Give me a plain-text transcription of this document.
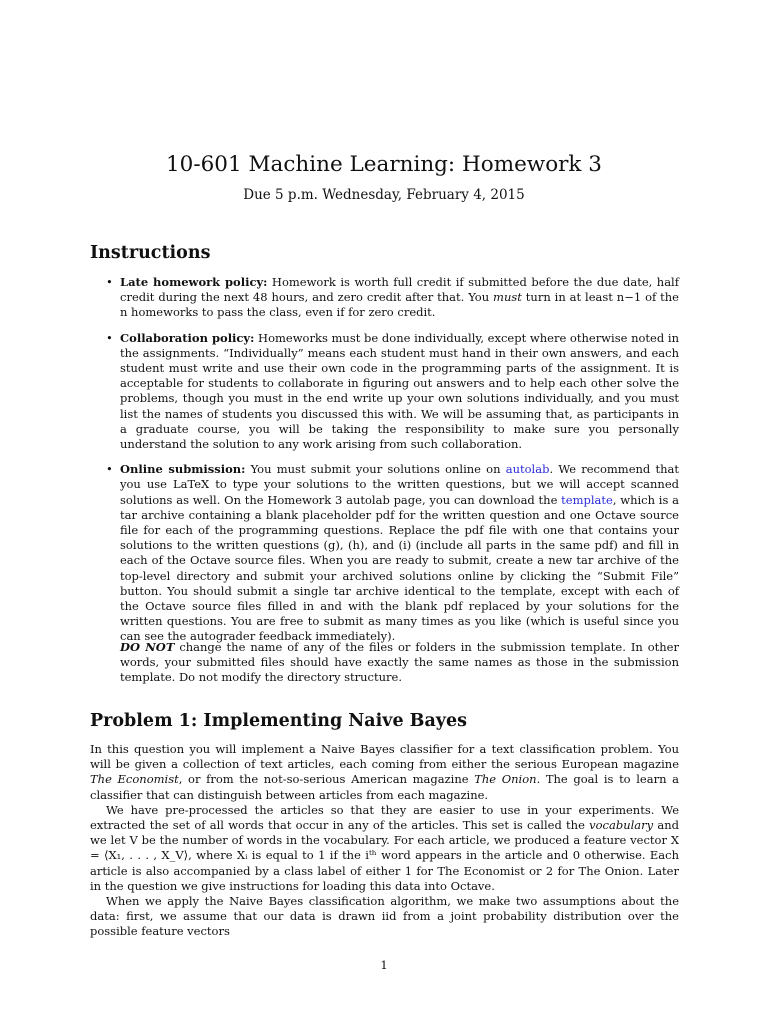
10-601 Machine Learning: Homework 3
Due 5 p.m. Wednesday, February 4, 2015
Instructions
• Late homework policy: Homework is worth full credit if submitted before the due date, half credit during the next 48 hours, and zero credit after that. You must turn in at least n−1 of the n homeworks to pass the class, even if for zero credit.
• Collaboration policy: Homeworks must be done individually, except where otherwise noted in the assignments. “Individually” means each student must hand in their own answers, and each student must write and use their own code in the programming parts of the assignment. It is acceptable for students to collaborate in figuring out answers and to help each other solve the problems, though you must in the end write up your own solutions individually, and you must list the names of students you discussed this with. We will be assuming that, as participants in a graduate course, you will be taking the responsibility to make sure you personally understand the solution to any work arising from such collaboration.
• Online submission: You must submit your solutions online on autolab. We recommend that you use LaTeX to type your solutions to the written questions, but we will accept scanned solutions as well. On the Homework 3 autolab page, you can download the template, which is a tar archive containing a blank placeholder pdf for the written question and one Octave source file for each of the programming questions. Replace the pdf file with one that contains your solutions to the written questions (g), (h), and (i) (include all parts in the same pdf) and fill in each of the Octave source files. When you are ready to submit, create a new tar archive of the top-level directory and submit your archived solutions online by clicking the “Submit File” button. You should submit a single tar archive identical to the template, except with each of the Octave source files filled in and with the blank pdf replaced by your solutions for the written questions. You are free to submit as many times as you like (which is useful since you can see the autograder feedback immediately).
DO NOT change the name of any of the files or folders in the submission template. In other words, your submitted files should have exactly the same names as those in the submission template. Do not modify the directory structure.
Problem 1: Implementing Naive Bayes

In this question you will implement a Naive Bayes classifier for a text classification problem. You will be given a collection of text articles, each coming from either the serious European magazine The Economist, or from the not-so-serious American magazine The Onion. The goal is to learn a classifier that can distinguish between articles from each magazine.

We have pre-processed the articles so that they are easier to use in your experiments. We extracted the set of all words that occur in any of the articles. This set is called the vocabulary and we let V be the number of words in the vocabulary. For each article, we produced a feature vector X = ⟨X₁, . . . , X_V⟩, where Xᵢ is equal to 1 if the iᵗʰ word appears in the article and 0 otherwise. Each article is also accompanied by a class label of either 1 for The Economist or 2 for The Onion. Later in the question we give instructions for loading this data into Octave.

When we apply the Naive Bayes classification algorithm, we make two assumptions about the data: first, we assume that our data is drawn iid from a joint probability distribution over the possible feature vectors

1
